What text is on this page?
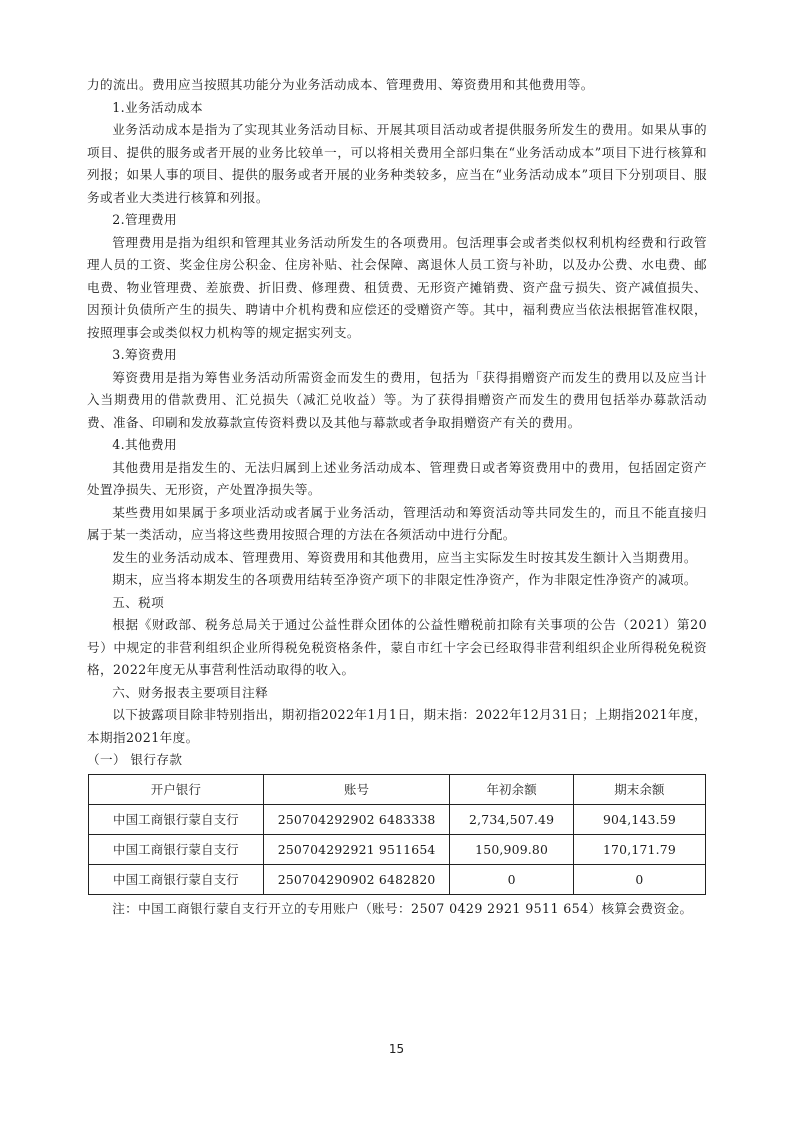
力的流出。费用应当按照其功能分为业务活动成本、管理费用、筹资费用和其他费用等。

1.业务活动成本

业务活动成本是指为了实现其业务活动目标、开展其项目活动或者提供服务所发生的费用。如果从事的项目、提供的服务或者开展的业务比较单一，可以将相关费用全部归集在“业务活动成本”项目下进行核算和列报；如果人事的项目、提供的服务或者开展的业务种类较多，应当在“业务活动成本”项目下分别项目、服务或者业大类进行核算和列报。

2.管理费用

管理费用是指为组织和管理其业务活动所发生的各项费用。包活理事会或者类似权利机构经费和行政管理人员的工资、奖金住房公积金、住房补贴、社会保障、离退休人员工资与补助，以及办公费、水电费、邮电费、物业管理费、差旅费、折旧费、修理费、租赁费、无形资产摊销费、资产盘亏损失、资产减值损失、因预计负债所产生的损失、聘请中介机构费和应偿还的受赠资产等。其中，福利费应当依法根据管准权限，按照理事会或类似权力机构等的规定据实列支。

3.筹资费用

筹资费用是指为筹售业务活动所需资金而发生的费用，包括为「获得捐赠资产而发生的费用以及应当计入当期费用的借款费用、汇兑损失（减汇兑收益）等。为了获得捐赠资产而发生的费用包括举办募款活动费、准备、印刷和发放募款宣传资料费以及其他与幕款或者争取捐赠资产有关的费用。

4.其他费用

其他费用是指发生的、无法归属到上述业务活动成本、管理费日或者筹资费用中的费用，包括固定资产处置净损失、无形资，产处置净损失等。

某些费用如果属于多项业活动或者属于业务活动，管理活动和筹资活动等共同发生的，而且不能直接归属于某一类活动，应当将这些费用按照合理的方法在各须活动中进行分配。

发生的业务活动成本、管理费用、筹资费用和其他费用，应当主实际发生时按其发生额计入当期费用。

期末，应当将本期发生的各项费用结转至净资产项下的非限定性净资产，作为非限定性净资产的减项。

五、税项

根据《财政部、税务总局关于通过公益性群众团体的公益性赠税前扣除有关事项的公告（2021）第20号）中规定的非营利组织企业所得税免税资格条件，蒙自市红十字会已经取得非营利组织企业所得税免税资格，2022年度无从事营利性活动取得的收入。

六、财务报表主要项目注释

以下披露项目除非特别指出，期初指2022年1月1日，期末指：2022年12月31日；上期指2021年度，本期指2021年度。

（一） 银行存款

开户银行	账号	年初余额	期末余额
中国工商银行蒙自支行	250704292902 6483338	2,734,507.49	904,143.59
中国工商银行蒙自支行	250704292921 9511654	150,909.80	170,171.79
中国工商银行蒙自支行	250704290902 6482820	0	0

注：中国工商银行蒙自支行开立的专用账户（账号：2507 0429 2921 9511 654）核算会费资金。

15
